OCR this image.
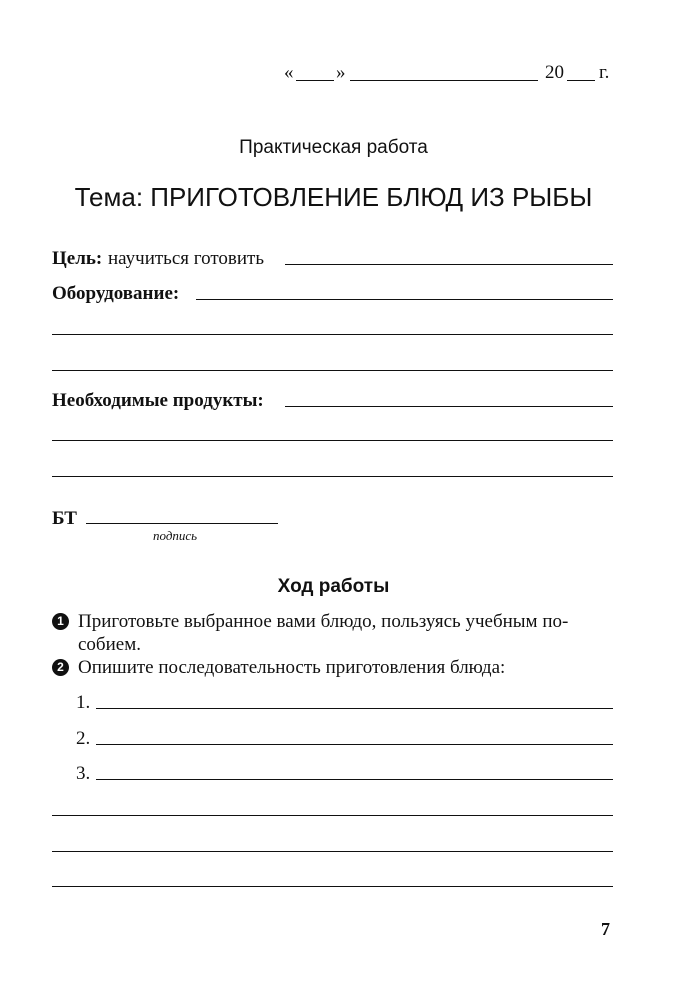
« »	20 г.
Практическая работа
Тема: ПРИГОТОВЛЕНИЕ БЛЮД ИЗ РЫБЫ
Цель: научиться готовить
Оборудование:
Необходимые продукты:
БТ
подпись
Ход работы
1 Приготовьте выбранное вами блюдо, пользуясь учебным по-
собием.
2 Опишите последовательность приготовления блюда:
1.
2.
3.
7
